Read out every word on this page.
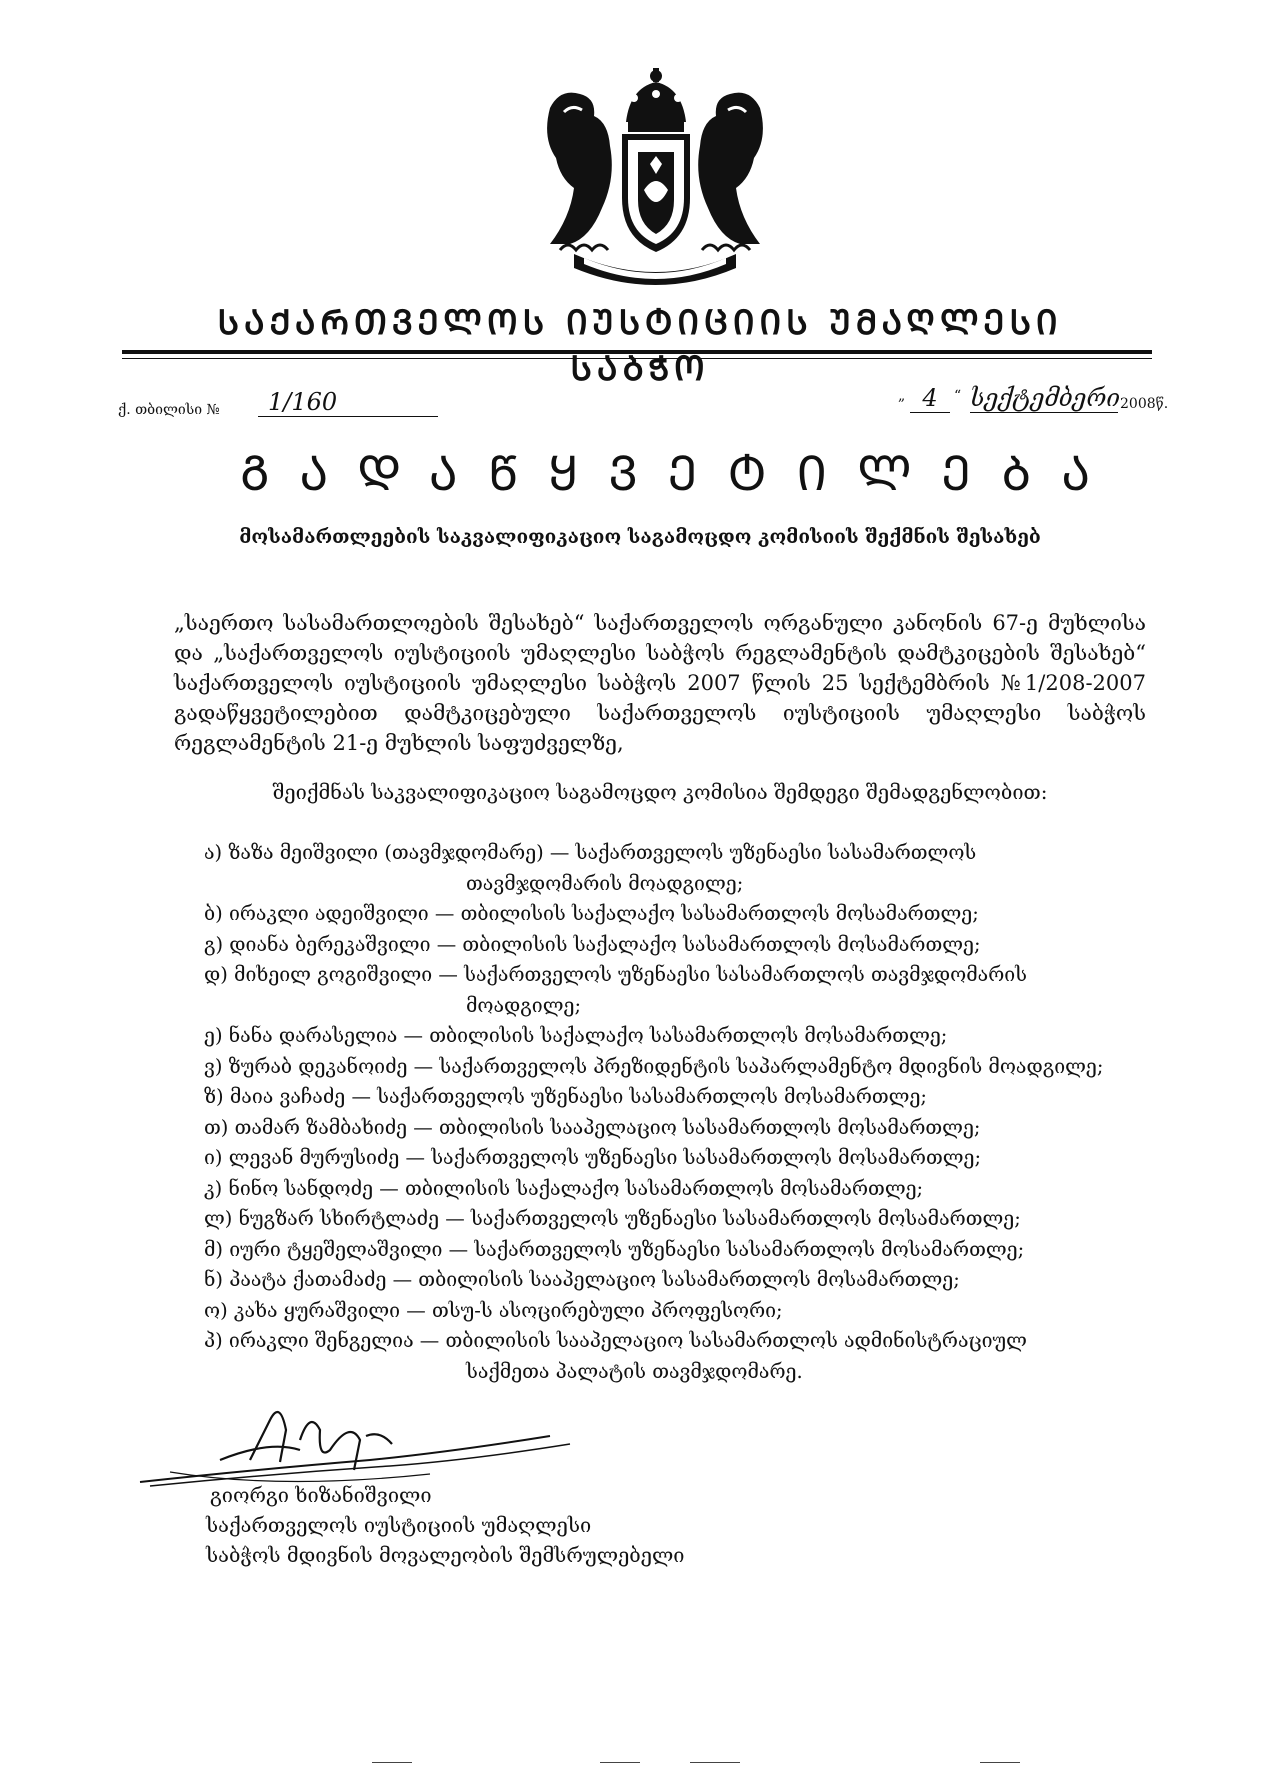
ᲡᲐᲥᲐᲠᲗᲕᲔᲚᲝᲡ ᲘᲣᲡᲢᲘᲪᲘᲘᲡ ᲣᲛᲐᲦᲚᲔᲡᲘ ᲡᲐᲑᲭᲝ
ქ. თბილისი №	1/160	„ 4	“ სექტემბერი 2008წ.
ᲒᲐᲓᲐᲬᲧᲕᲔᲢᲘᲚᲔᲑᲐ
მოსამართლეების საკვალიფიკაციო საგამოცდო კომისიის შექმნის შესახებ

„საერთო სასამართლოების შესახებ“ საქართველოს ორგანული კანონის 67-ე მუხლისა და „საქართველოს იუსტიციის უმაღლესი საბჭოს რეგლამენტის დამტკიცების შესახებ“ საქართველოს იუსტიციის უმაღლესი საბჭოს 2007 წლის 25 სექტემბრის №1/208-2007 გადაწყვეტილებით დამტკიცებული საქართველოს იუსტიციის უმაღლესი საბჭოს რეგლამენტის 21-ე მუხლის საფუძველზე,

შეიქმნას საკვალიფიკაციო საგამოცდო კომისია შემდეგი შემადგენლობით:

ა) ზაზა მეიშვილი (თავმჯდომარე) — საქართველოს უზენაესი სასამართლოს
თავმჯდომარის მოადგილე;
ბ) ირაკლი ადეიშვილი — თბილისის საქალაქო სასამართლოს მოსამართლე;
გ) დიანა ბერეკაშვილი — თბილისის საქალაქო სასამართლოს მოსამართლე;
დ) მიხეილ გოგიშვილი — საქართველოს უზენაესი სასამართლოს თავმჯდომარის
მოადგილე;
ე) ნანა დარასელია — თბილისის საქალაქო სასამართლოს მოსამართლე;
ვ) ზურაბ დეკანოიძე — საქართველოს პრეზიდენტის საპარლამენტო მდივნის მოადგილე;
ზ) მაია ვაჩაძე — საქართველოს უზენაესი სასამართლოს მოსამართლე;
თ) თამარ ზამბახიძე — თბილისის სააპელაციო სასამართლოს მოსამართლე;
ი) ლევან მურუსიძე — საქართველოს უზენაესი სასამართლოს მოსამართლე;
კ) ნინო სანდოძე — თბილისის საქალაქო სასამართლოს მოსამართლე;
ლ) ნუგზარ სხირტლაძე — საქართველოს უზენაესი სასამართლოს მოსამართლე;
მ) იური ტყეშელაშვილი — საქართველოს უზენაესი სასამართლოს მოსამართლე;
ნ) პაატა ქათამაძე — თბილისის სააპელაციო სასამართლოს მოსამართლე;
ო) კახა ყურაშვილი — თსუ-ს ასოცირებული პროფესორი;
პ) ირაკლი შენგელია — თბილისის სააპელაციო სასამართლოს ადმინისტრაციულ
საქმეთა პალატის თავმჯდომარე.
გიორგი ხიზანიშვილი
საქართველოს იუსტიციის უმაღლესი
საბჭოს მდივნის მოვალეობის შემსრულებელი
